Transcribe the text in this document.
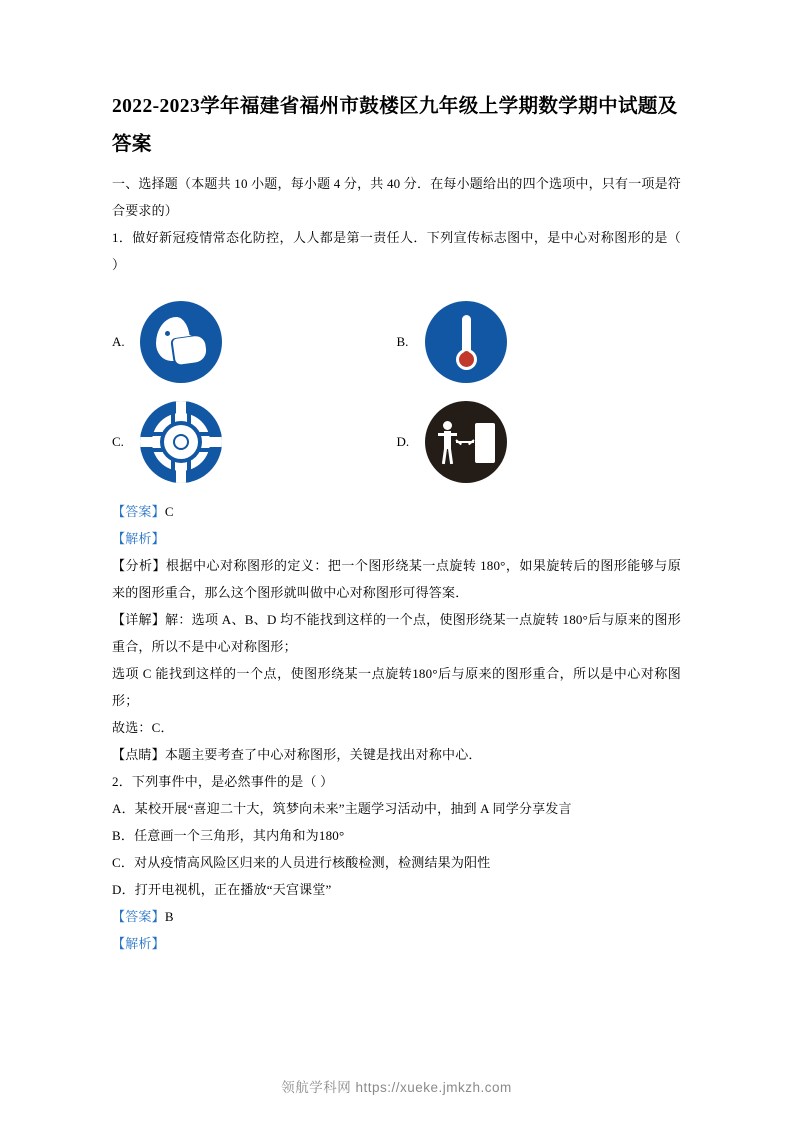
2022-2023学年福建省福州市鼓楼区九年级上学期数学期中试题及答案

一、选择题（本题共 10 小题，每小题 4 分，共 40 分．在每小题给出的四个选项中，只有一项是符合要求的）

1．做好新冠疫情常态化防控，人人都是第一责任人．下列宣传标志图中，是中心对称图形的是（ ）

A.	B.
C.	D.

【答案】C

【解析】

【分析】根据中心对称图形的定义：把一个图形绕某一点旋转 180°，如果旋转后的图形能够与原来的图形重合，那么这个图形就叫做中心对称图形可得答案．

【详解】解：选项 A、B、D 均不能找到这样的一个点，使图形绕某一点旋转 180°后与原来的图形重合，所以不是中心对称图形；

选项 C 能找到这样的一个点，使图形绕某一点旋转180°后与原来的图形重合，所以是中心对称图形；

故选：C．

【点睛】本题主要考查了中心对称图形，关键是找出对称中心．

2．下列事件中，是必然事件的是（ ）

A．某校开展“喜迎二十大，筑梦向未来”主题学习活动中，抽到 A 同学分享发言

B．任意画一个三角形，其内角和为180°

C．对从疫情高风险区归来的人员进行核酸检测，检测结果为阳性

D．打开电视机，正在播放“天宫课堂”

【答案】B

【解析】

领航学科网 https://xueke.jmkzh.com
